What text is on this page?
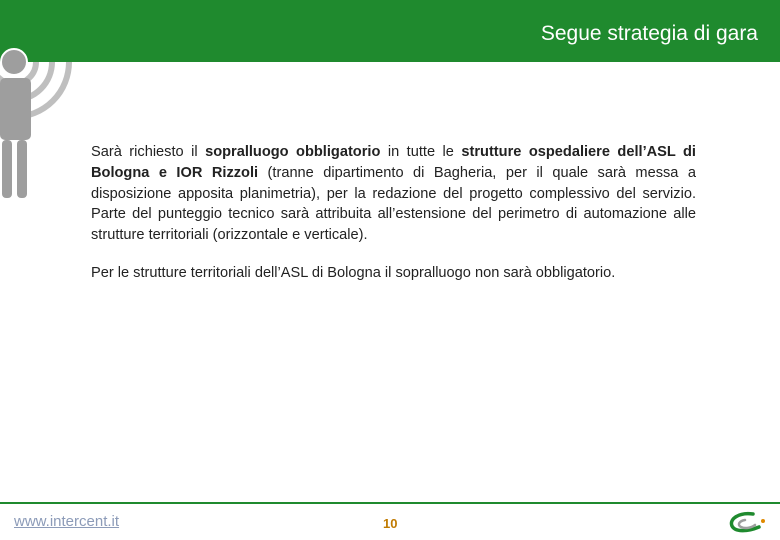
Segue strategia di gara

Sarà richiesto il sopralluogo obbligatorio in tutte le strutture ospedaliere dell’ASL di Bologna e IOR Rizzoli (tranne dipartimento di Bagheria, per il quale sarà messa a disposizione apposita planimetria), per la redazione del progetto complessivo del servizio. Parte del punteggio tecnico sarà attribuita all’estensione del perimetro di automazione alle strutture territoriali (orizzontale e verticale).

Per le strutture territoriali dell’ASL di Bologna il sopralluogo non sarà obbligatorio.

www.intercent.it	10
